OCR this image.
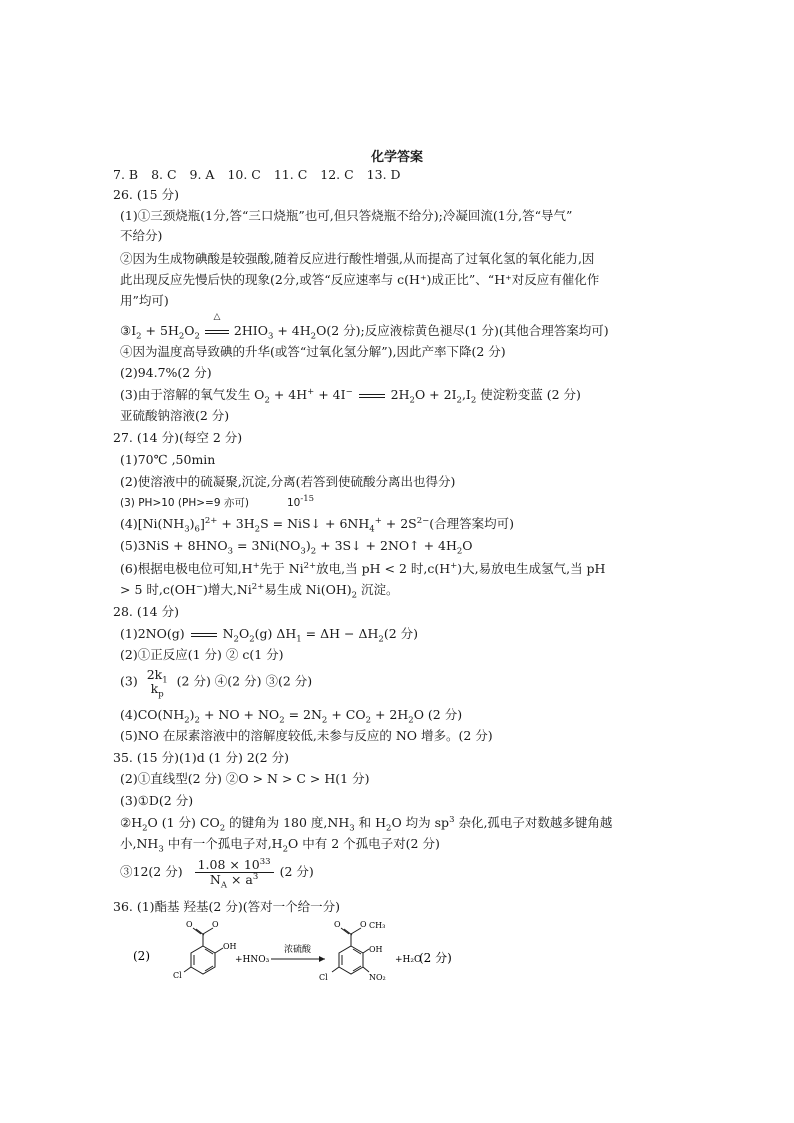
化学答案
7. B 8. C 9. A 10. C 11. C 12. C 13. D
26. (15 分)
(1)①三颈烧瓶(1分,答“三口烧瓶”也可,但只答烧瓶不给分);冷凝回流(1分,答“导气”
不给分)
②因为生成物碘酸是较强酸,随着反应进行酸性增强,从而提高了过氧化氢的氧化能力,因
此出现反应先慢后快的现象(2分,或答“反应速率与 c(H⁺)成正比”、“H⁺对反应有催化作
用”均可)
$③I_2 + 5H_2O_2$
△
$2HIO_3 + 4H_2O(2$ 分);反应液棕黄色褪尽(1 分)(其他合理答案均可)
④因为温度高导致碘的升华(或答“过氧化氢分解”),因此产率下降(2 分)
(2)94.7%(2 分)
(3)由于溶解的氧气发生 $O_2 + 4H^+ + 4I^-$	$2H_2O + 2I_2,I_2$ 使淀粉变蓝 (2 分)
亚硫酸钠溶液(2 分)
27. (14 分)(每空 2 分)
(1)70℃ ,50min
(2)使溶液中的硫凝聚,沉淀,分离(若答到使硫酸分离出也得分)
(3) PH>10 (PH>=9 亦可)	$10^{-15}$
$(4)[Ni(NH_3)_6]^{2+} + 3H_2S$ = NiS↓ + $6NH_4^+ + 2S^{2-}$(合理答案均可)
$(5)3NiS + 8HNO_3 = 3Ni(NO_3)_2$ + 3S↓ + 2NO↑ + $4H_2O$
(6)根据电极电位可知,H+先于 $Ni^{2+}$放电,当 pH < 2 时,c(H+)大,易放电生成氢气,当 pH
> 5 时,c(OH−)增大$,Ni^{2+}$易生成 $Ni(OH)_2$ 沉淀。
28. (14 分)
(1)2NO(g)	$N_2O_2(g) \Delta H_1 = \Delta H - \Delta H_2(2$ 分)
(2)①正反应(1 分) ② c(1 分)
(3) $2k_1$
$k_p$
(2 分) ④(2 分) ③(2 分)
$(4)CO(NH_2)_2$ + NO + $NO_2 = 2N_2 + CO_2 + 2H_2O$ (2 分)
(5)NO 在尿素溶液中的溶解度较低,未参与反应的 NO 增多。(2 分)
35. (15 分)(1)d (1 分) 2(2 分)
(2)①直线型(2 分) ②O > N > C > H(1 分)
(3)①D(2 分)
$②H_2O$ (1 分) $CO_2$ 的键角为 180 度$,NH_3$ 和 $H_2O$ 均为 $sp^3$ 杂化,孤电子对数越多键角越
小$,NH_3$ 中有一个孤电子对$,H_2O$ 中有 2 个孤电子对(2 分)
③12(2 分) $\frac{1.08 \times 10^{33}}{N_A \times a^3} (2$ 分)
36. (1)酯基 羟基(2 分)(答对一个给一分)
(2)
O O
OH
Cl
+HNO₃
浓硫酸
O O CH₃
OH
NO₂
Cl
+H₂O
(2 分)
